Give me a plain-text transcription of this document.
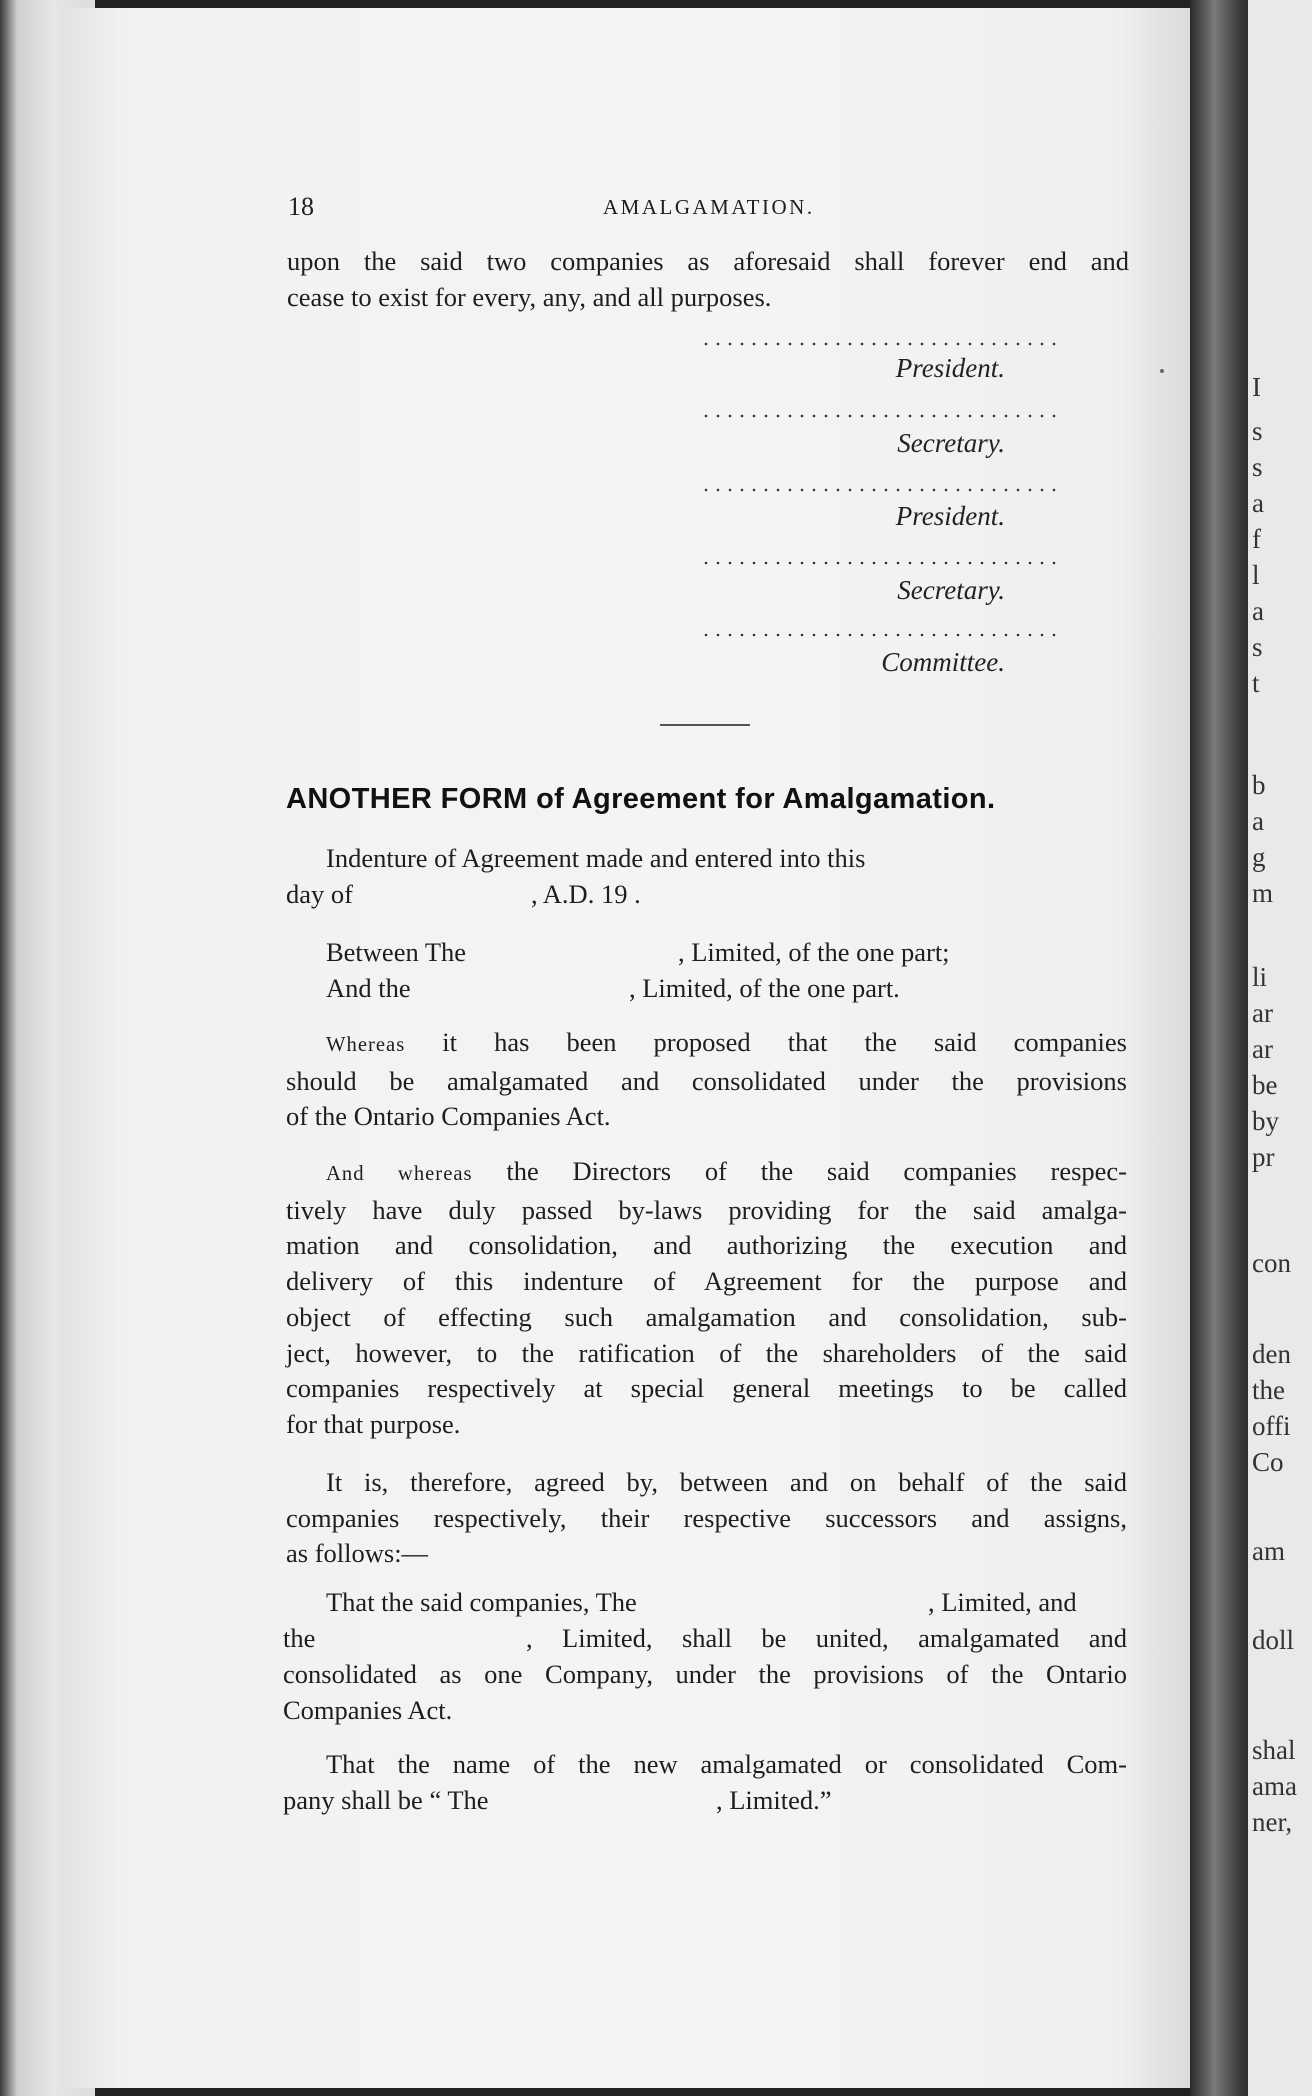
I
s
s
a
f
l
a
s
t
b
a
g
m
li
ar
ar
be
by
pr
con
den
the
offi
Co
am
doll
shal
ama
ner,
18	AMALGAMATION.
upon the said two companies as aforesaid shall forever end and
cease to exist for every, any, and all purposes.
President.
Secretary.
President.
Secretary.
Committee.
ANOTHER FORM of Agreement for Amalgamation.
Indenture of Agreement made and entered into this
day of	, A.D. 19 .
Between The	, Limited, of the one part;
And the	, Limited, of the one part.
Whereas it has been proposed that the said companies
should be amalgamated and consolidated under the provisions
of the Ontario Companies Act.
And whereas the Directors of the said companies respec-
tively have duly passed by-laws providing for the said amalga-
mation and consolidation, and authorizing the execution and
delivery of this indenture of Agreement for the purpose and
object of effecting such amalgamation and consolidation, sub-
ject, however, to the ratification of the shareholders of the said
companies respectively at special general meetings to be called
for that purpose.
It is, therefore, agreed by, between and on behalf of the said
companies respectively, their respective successors and assigns,
as follows:—
That the said companies, The	, Limited, and
the	, Limited, shall be united, amalgamated and
consolidated as one Company, under the provisions of the Ontario
Companies Act.
That the name of the new amalgamated or consolidated Com-
pany shall be “ The	, Limited.”
